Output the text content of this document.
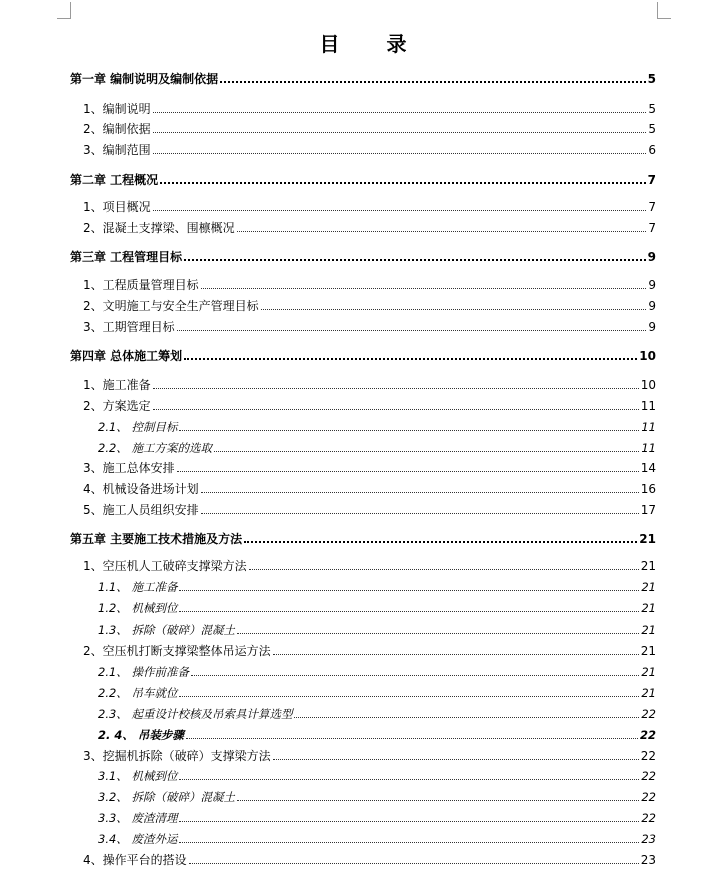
目 录
第一章 编制说明及编制依据	5
1、编制说明	5
2、编制依据	5
3、编制范围	6
第二章 工程概况	7
1、项目概况	7
2、混凝土支撑梁、围檩概况	7
第三章 工程管理目标	9
1、工程质量管理目标	9
2、文明施工与安全生产管理目标	9
3、工期管理目标	9
第四章 总体施工筹划	10
1、施工准备	10
2、方案选定	11
2.1、 控制目标	11
2.2、 施工方案的选取	11
3、施工总体安排	14
4、机械设备进场计划	16
5、施工人员组织安排	17
第五章 主要施工技术措施及方法	21
1、空压机人工破碎支撑梁方法	21
1.1、 施工准备	21
1.2、 机械到位	21
1.3、 拆除（破碎）混凝土	21
2、空压机打断支撑梁整体吊运方法	21
2.1、 操作前准备	21
2.2、 吊车就位	21
2.3、 起重设计校核及吊索具计算选型	22
2. 4、 吊装步骤	22
3、挖掘机拆除（破碎）支撑梁方法	22
3.1、 机械到位	22
3.2、 拆除（破碎）混凝土	22
3.3、 废渣清理	22
3.4、 废渣外运	23
4、操作平台的搭设	23
